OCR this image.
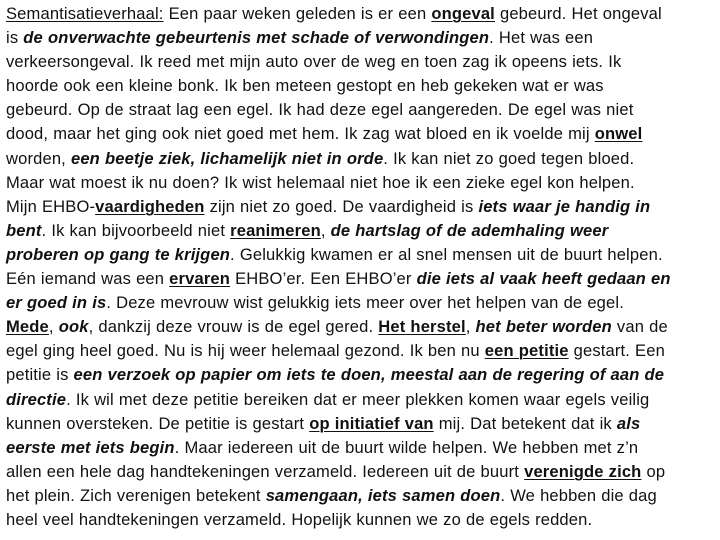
Semantisatieverhaal: Een paar weken geleden is er een ongeval gebeurd. Het ongeval
is de onverwachte gebeurtenis met schade of verwondingen. Het was een
verkeersongeval. Ik reed met mijn auto over de weg en toen zag ik opeens iets. Ik
hoorde ook een kleine bonk. Ik ben meteen gestopt en heb gekeken wat er was
gebeurd. Op de straat lag een egel. Ik had deze egel aangereden. De egel was niet
dood, maar het ging ook niet goed met hem. Ik zag wat bloed en ik voelde mij onwel
worden, een beetje ziek, lichamelijk niet in orde. Ik kan niet zo goed tegen bloed.
Maar wat moest ik nu doen? Ik wist helemaal niet hoe ik een zieke egel kon helpen.
Mijn EHBO-vaardigheden zijn niet zo goed. De vaardigheid is iets waar je handig in
bent. Ik kan bijvoorbeeld niet reanimeren, de hartslag of de ademhaling weer
proberen op gang te krijgen. Gelukkig kwamen er al snel mensen uit de buurt helpen.
Eén iemand was een ervaren EHBO’er. Een EHBO’er die iets al vaak heeft gedaan en
er goed in is. Deze mevrouw wist gelukkig iets meer over het helpen van de egel.
Mede, ook, dankzij deze vrouw is de egel gered. Het herstel, het beter worden van de
egel ging heel goed. Nu is hij weer helemaal gezond. Ik ben nu een petitie gestart. Een
petitie is een verzoek op papier om iets te doen, meestal aan de regering of aan de
directie. Ik wil met deze petitie bereiken dat er meer plekken komen waar egels veilig
kunnen oversteken. De petitie is gestart op initiatief van mij. Dat betekent dat ik als
eerste met iets begin. Maar iedereen uit de buurt wilde helpen. We hebben met z’n
allen een hele dag handtekeningen verzameld. Iedereen uit de buurt verenigde zich op
het plein. Zich verenigen betekent samengaan, iets samen doen. We hebben die dag
heel veel handtekeningen verzameld. Hopelijk kunnen we zo de egels redden.
